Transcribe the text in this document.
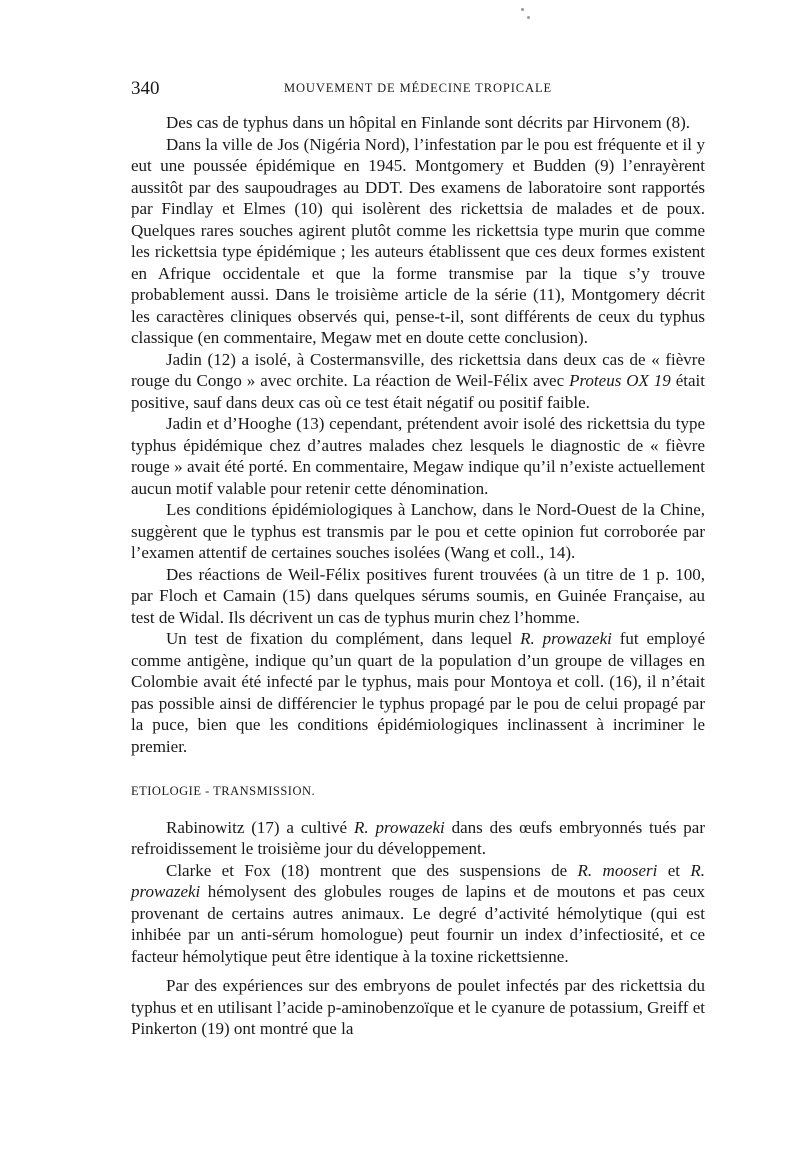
340	MOUVEMENT DE MÉDECINE TROPICALE

Des cas de typhus dans un hôpital en Finlande sont décrits par Hirvonem (8).

Dans la ville de Jos (Nigéria Nord), l’infestation par le pou est fréquente et il y eut une poussée épidémique en 1945. Montgomery et Budden (9) l’enrayèrent aussitôt par des saupoudrages au DDT. Des examens de laboratoire sont rapportés par Findlay et Elmes (10) qui isolèrent des rickettsia de malades et de poux. Quelques rares souches agirent plutôt comme les rickettsia type murin que comme les rickettsia type épidémique ; les auteurs établissent que ces deux formes existent en Afrique occidentale et que la forme transmise par la tique s’y trouve probablement aussi. Dans le troisième article de la série (11), Montgomery décrit les caractères cliniques observés qui, pense-t-il, sont différents de ceux du typhus classique (en commentaire, Megaw met en doute cette conclusion).

Jadin (12) a isolé, à Costermansville, des rickettsia dans deux cas de « fièvre rouge du Congo » avec orchite. La réaction de Weil-Félix avec Proteus OX 19 était positive, sauf dans deux cas où ce test était négatif ou positif faible.

Jadin et d’Hooghe (13) cependant, prétendent avoir isolé des rickettsia du type typhus épidémique chez d’autres malades chez lesquels le diagnostic de « fièvre rouge » avait été porté. En commentaire, Megaw indique qu’il n’existe actuellement aucun motif valable pour retenir cette dénomination.

Les conditions épidémiologiques à Lanchow, dans le Nord-Ouest de la Chine, suggèrent que le typhus est transmis par le pou et cette opinion fut corroborée par l’examen attentif de certaines souches isolées (Wang et coll., 14).

Des réactions de Weil-Félix positives furent trouvées (à un titre de 1 p. 100, par Floch et Camain (15) dans quelques sérums soumis, en Guinée Française, au test de Widal. Ils décrivent un cas de typhus murin chez l’homme.

Un test de fixation du complément, dans lequel R. prowazeki fut employé comme antigène, indique qu’un quart de la population d’un groupe de villages en Colombie avait été infecté par le typhus, mais pour Montoya et coll. (16), il n’était pas possible ainsi de différencier le typhus propagé par le pou de celui propagé par la puce, bien que les conditions épidémiologiques inclinassent à incriminer le premier.

ETIOLOGIE - TRANSMISSION.

Rabinowitz (17) a cultivé R. prowazeki dans des œufs embryonnés tués par refroidissement le troisième jour du développement.

Clarke et Fox (18) montrent que des suspensions de R. mooseri et R. prowazeki hémolysent des globules rouges de lapins et de moutons et pas ceux provenant de certains autres animaux. Le degré d’activité hémolytique (qui est inhibée par un anti-sérum homologue) peut fournir un index d’infectiosité, et ce facteur hémolytique peut être identique à la toxine rickettsienne.

Par des expériences sur des embryons de poulet infectés par des rickettsia du typhus et en utilisant l’acide p-aminobenzoïque et le cyanure de potassium, Greiff et Pinkerton (19) ont montré que la
